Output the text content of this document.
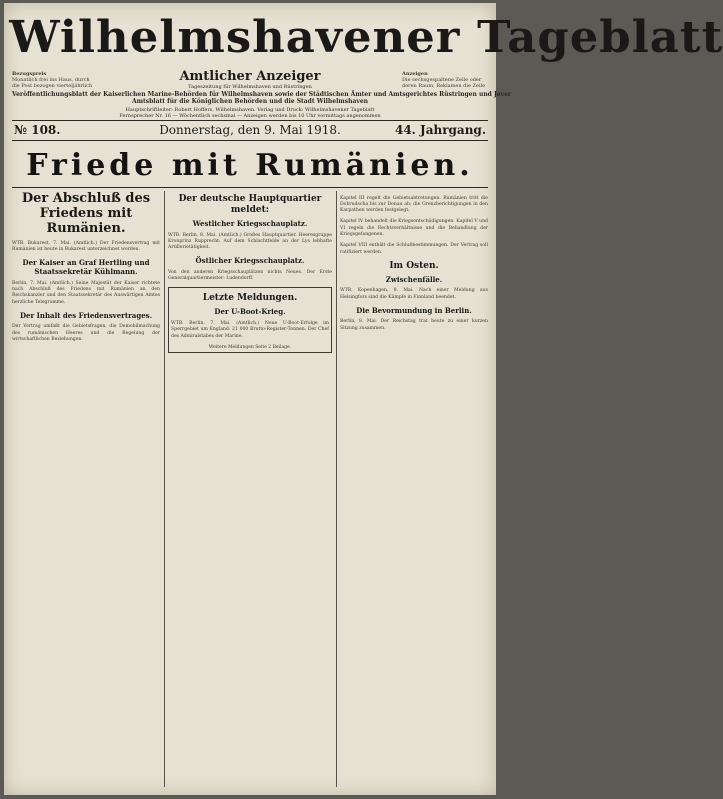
Wilhelmshavener Tageblatt
Bezugspreis
Monatlich frei ins Haus, durch die Post bezogen vierteljährlich
Anzeigen
Die sechsgespaltene Zeile oder deren Raum, Reklamen die Zeile
Amtlicher Anzeiger
Tageszeitung für Wilhelmshaven und Rüstringen
Veröffentlichungsblatt der Kaiserlichen Marine-Behörden für Wilhelmshaven sowie der Städtischen Ämter und Amtsgerichtes Rüstringen und Jever
Amtsblatt für die Königlichen Behörden und die Stadt Wilhelmshaven
Hauptschriftleiter: Robert Hoffers, Wilhelmshaven. Verlag und Druck: Wilhelmshavener Tageblatt
Fernsprecher Nr. 16 — Wöchentlich sechsmal — Anzeigen werden bis 10 Uhr vormittags angenommen
№ 108.	Donnerstag, den 9. Mai 1918.	44. Jahrgang.
Friede mit Rumänien.
Der Abschluß des Friedens mit Rumänien.

WTB. Bukarest, 7. Mai. (Amtlich.) Der Friedensvertrag mit Rumänien ist heute in Bukarest unterzeichnet worden.

Der Kaiser an Graf Hertling und Staatssekretär Kühlmann.

Berlin, 7. Mai. (Amtlich.) Seine Majestät der Kaiser richtete nach Abschluß des Friedens mit Rumänien an den Reichskanzler und den Staatssekretär des Auswärtigen Amtes herzliche Telegramme.

Der Inhalt des Friedensvertrages.

Der Vertrag umfaßt die Gebietsfragen, die Demobilmachung des rumänischen Heeres und die Regelung der wirtschaftlichen Beziehungen.

Der deutsche Hauptquartier meldet:
Westlicher Kriegsschauplatz.

WTB. Berlin, 8. Mai. (Amtlich.) Großes Hauptquartier. Heeresgruppe Kronprinz Rupprecht: Auf dem Schlachtfelde an der Lys lebhafte Artillerietätigkeit.

Östlicher Kriegsschauplatz.

Von den anderen Kriegsschauplätzen nichts Neues. Der Erste Generalquartiermeister: Ludendorff.

Letzte Meldungen.
Der U-Boot-Krieg.

WTB. Berlin, 7. Mai. (Amtlich.) Neue U-Boot-Erfolge im Sperrgebiet um England: 21 000 Brutto-Register-Tonnen. Der Chef des Admiralstabes der Marine.

Weitere Meldungen Seite 2 Beilage.

Kapitel III regelt die Gebietsabtretungen. Rumänien tritt die Dobrudscha bis zur Donau ab; die Grenzberichtigungen in den Karpathen werden festgelegt.

Kapitel IV behandelt die Kriegsentschädigungen. Kapitel V und VI regeln die Rechtsverhältnisse und die Behandlung der Kriegsgefangenen.

Kapitel VIII enthält die Schlußbestimmungen. Der Vertrag soll ratifiziert werden.

Im Osten.
Zwischenfälle.

WTB. Kopenhagen, 8. Mai. Nach einer Meldung aus Helsingfors sind die Kämpfe in Finnland beendet.

Die Bevormundung in Berlin.

Berlin, 8. Mai. Der Reichstag trat heute zu einer kurzen Sitzung zusammen.
